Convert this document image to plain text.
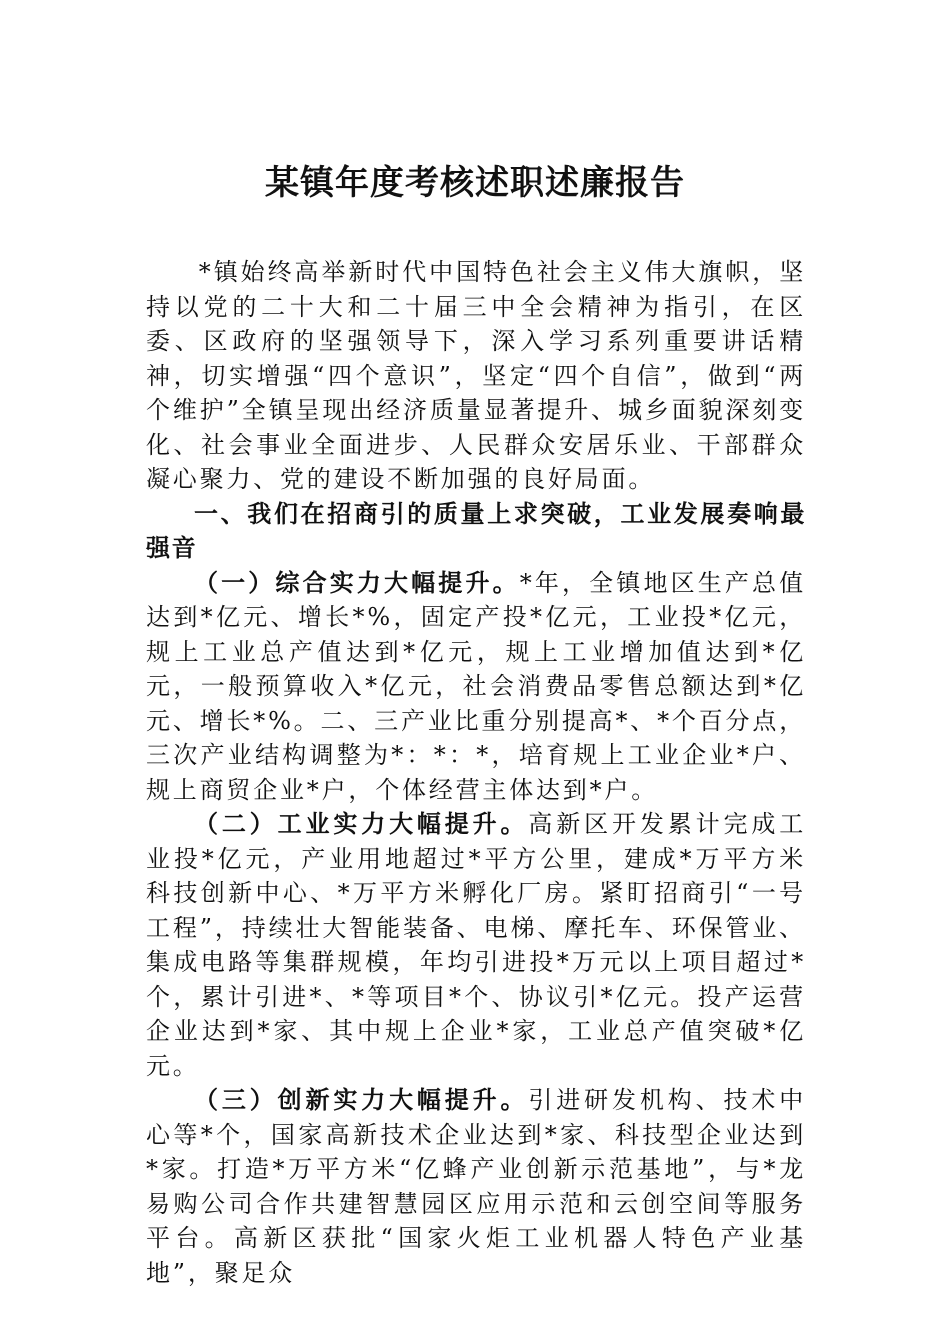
某镇年度考核述职述廉报告

*镇始终高举新时代中国特色社会主义伟大旗帜，坚持以党的二十大和二十届三中全会精神为指引，在区委、区政府的坚强领导下，深入学习系列重要讲话精神，切实增强“四个意识”，坚定“四个自信”，做到“两个维护”全镇呈现出经济质量显著提升、城乡面貌深刻变化、社会事业全面进步、人民群众安居乐业、干部群众凝心聚力、党的建设不断加强的良好局面。

一、我们在招商引的质量上求突破，工业发展奏响最强音

（一）综合实力大幅提升。*年，全镇地区生产总值达到*亿元、增长*%，固定产投*亿元，工业投*亿元，规上工业总产值达到*亿元，规上工业增加值达到*亿元，一般预算收入*亿元，社会消费品零售总额达到*亿元、增长*%。二、三产业比重分别提高*、*个百分点，三次产业结构调整为*：*：*，培育规上工业企业*户、规上商贸企业*户，个体经营主体达到*户。

（二）工业实力大幅提升。高新区开发累计完成工业投*亿元，产业用地超过*平方公里，建成*万平方米科技创新中心、*万平方米孵化厂房。紧盯招商引“一号工程”，持续壮大智能装备、电梯、摩托车、环保管业、集成电路等集群规模，年均引进投*万元以上项目超过*个，累计引进*、*等项目*个、协议引*亿元。投产运营企业达到*家、其中规上企业*家，工业总产值突破*亿元。

（三）创新实力大幅提升。引进研发机构、技术中心等*个，国家高新技术企业达到*家、科技型企业达到*家。打造*万平方米“亿蜂产业创新示范基地”，与*龙易购公司合作共建智慧园区应用示范和云创空间等服务平台。高新区获批“国家火炬工业机器人特色产业基地”，聚足众
